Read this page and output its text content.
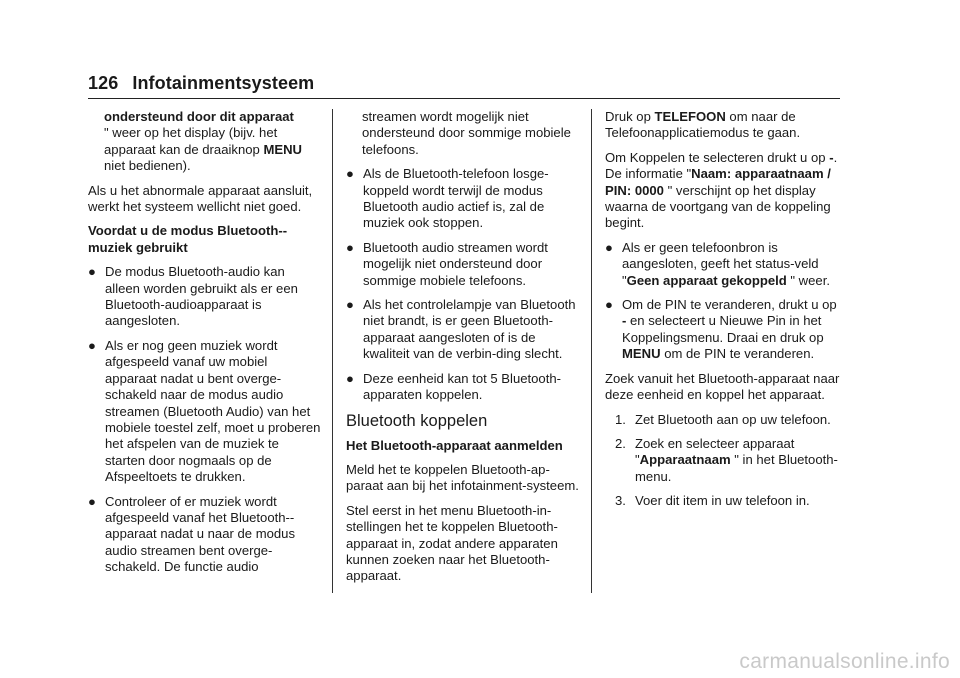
126 Infotainmentsysteem

ondersteund door dit apparaat
" weer op het display (bijv. het apparaat kan de draaiknop MENU niet bedienen).

Als u het abnormale apparaat aansluit, werkt het systeem wellicht niet goed.

Voordat u de modus Bluetooth--muziek gebruikt

● De modus Bluetooth-audio kan alleen worden gebruikt als er een Bluetooth-audioapparaat is aangesloten.
● Als er nog geen muziek wordt afgespeeld vanaf uw mobiel apparaat nadat u bent overge-schakeld naar de modus audio streamen (Bluetooth Audio) van het mobiele toestel zelf, moet u proberen het afspelen van de muziek te starten door nogmaals op de Afspeeltoets te drukken.
● Controleer of er muziek wordt afgespeeld vanaf het Bluetooth--apparaat nadat u naar de modus audio streamen bent overge-schakeld. De functie audio

streamen wordt mogelijk niet ondersteund door sommige mobiele telefoons.

● Als de Bluetooth-telefoon losge-koppeld wordt terwijl de modus Bluetooth audio actief is, zal de muziek ook stoppen.
● Bluetooth audio streamen wordt mogelijk niet ondersteund door sommige mobiele telefoons.
● Als het controlelampje van Bluetooth niet brandt, is er geen Bluetooth-apparaat aangesloten of is de kwaliteit van de verbin-ding slecht.
● Deze eenheid kan tot 5 Bluetooth-apparaten koppelen.
Bluetooth koppelen

Het Bluetooth-apparaat aanmelden

Meld het te koppelen Bluetooth-ap-paraat aan bij het infotainment-systeem.

Stel eerst in het menu Bluetooth-in-stellingen het te koppelen Bluetooth-apparaat in, zodat andere apparaten kunnen zoeken naar het Bluetooth-apparaat.

Druk op TELEFOON om naar de Telefoonapplicatiemodus te gaan.

Om Koppelen te selecteren drukt u op -. De informatie "Naam: apparaatnaam / PIN: 0000 " verschijnt op het display waarna de voortgang van de koppeling begint.

● Als er geen telefoonbron is aangesloten, geeft het status-veld "Geen apparaat gekoppeld " weer.
● Om de PIN te veranderen, drukt u op - en selecteert u Nieuwe Pin in het Koppelingsmenu. Draai en druk op MENU om de PIN te veranderen.

Zoek vanuit het Bluetooth-apparaat naar deze eenheid en koppel het apparaat.

1. Zet Bluetooth aan op uw telefoon.
2. Zoek en selecteer apparaat "Apparaatnaam " in het Bluetooth-menu.
3. Voer dit item in uw telefoon in.
carmanualsonline.info
